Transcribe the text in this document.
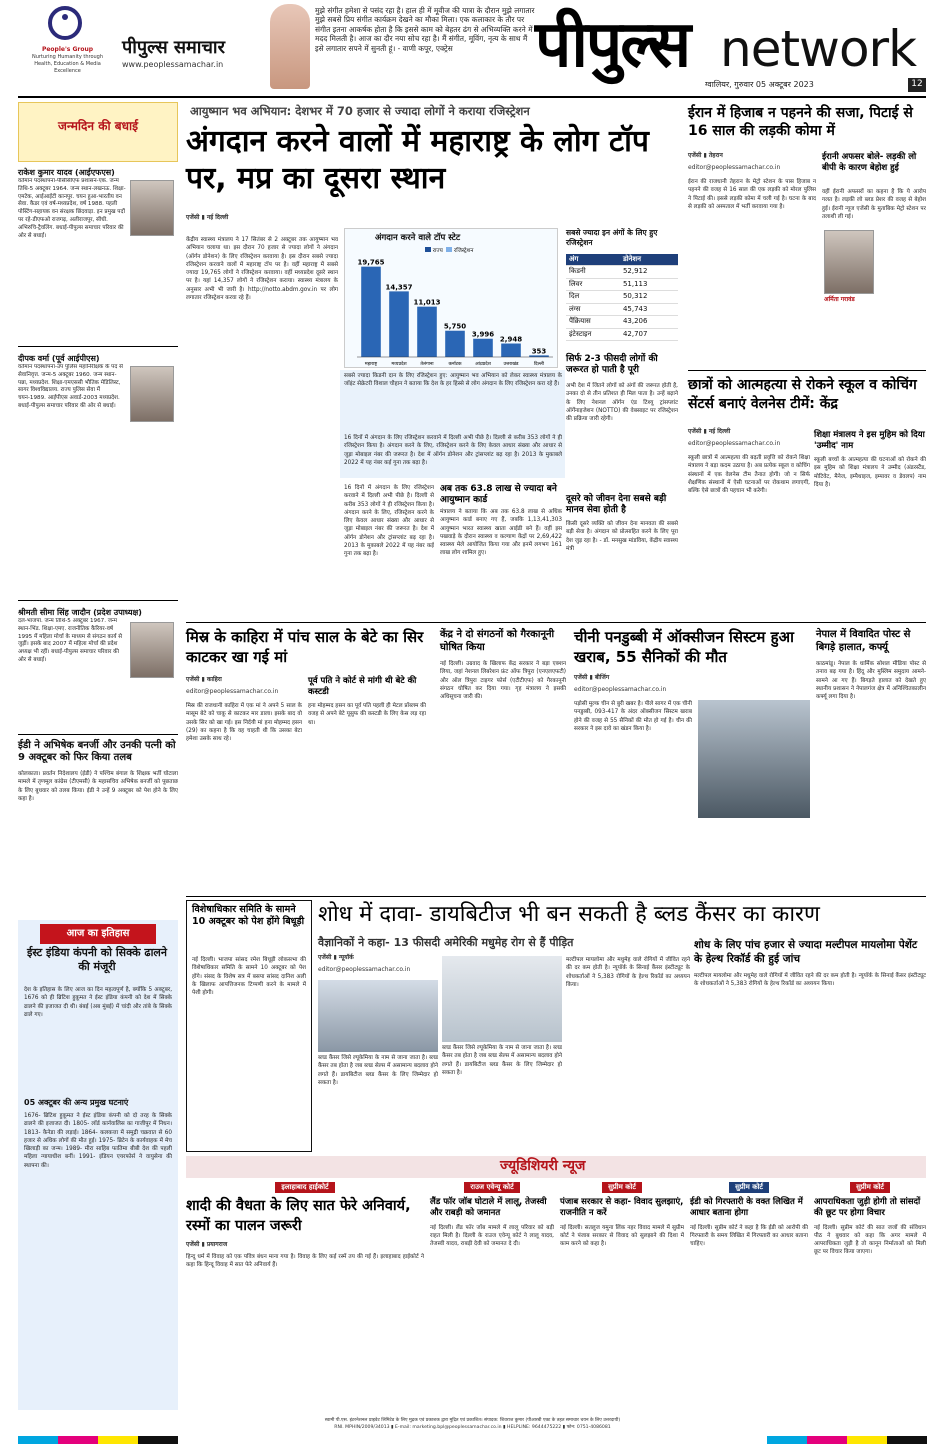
People's Group
Nurturing Humanity through Health, Education & Media Excellence
पीपुल्स समाचार
www.peoplessamachar.in
मुझे संगीत हमेशा से पसंद रहा है। हाल ही में मूवीज की यात्रा के दौरान मुझे लगातार मुझे सबसे प्रिय संगीत कार्यक्रम देखने का मौका मिला। एक कलाकार के तौर पर संगीत इतना आकर्षक होता है कि इससे काम को बेहतर ढंग से अभिव्यक्ति करने में मदद मिलती है। आज का दौर नया सोच रहा है। मैं संगीत, मूविंग, नृत्य के साथ मैं इसे लगातार सपने में सुनती हूं। - वाणी कपूर, एक्ट्रेस	पीपुल्स network
ग्वालियर, गुरुवार 05 अक्टूबर 2023	12
जन्मदिन की बधाई
राकेश कुमार यादव (आईएफएस)
वर्तमान पदस्थापना-पीसीसीएफ प्रशासन-एक. जन्म तिथि-5 अक्टूबर 1964. जन्म स्थान-लखनऊ. शिक्षा-एमटेक, आईआईटी कानपुर. चयन हुआ-भारतीय वन सेवा. कैडर एवं वर्ष-मध्यप्रदेश, वर्ष 1988. पहली पोस्टिंग-सहायक वन संरक्षक छिंदवाड़ा. इन प्रमुख पदों पर रहे-डीएफओ राजगढ़, अलीराजपुर, सीधी. अभिरुचि-ट्रैवलिंग. बधाई-पीपुल्स समाचार परिवार की ओर से बधाई।
दीपक वर्मा (पूर्व आईपीएस)
वर्तमान पदस्थापना-उप पुलिस महानिरीक्षक के पद से सेवानिवृत्त. जन्म-5 अक्टूबर 1960. जन्म स्थान-पन्ना, मध्यप्रदेश. शिक्षा-एमएससी भौतिक मेडिलिस्ट, सागर विश्वविद्यालय. राज्य पुलिस सेवा में चयन-1989. आईपीएस अवार्ड-2003 मध्यप्रदेश. बधाई-पीपुल्स समाचार परिवार की ओर से बधाई।
श्रीमती सीमा सिंह जादौन (प्रदेश उपाध्यक्ष)
दल-भाजपा. जन्म तिथि-5 अक्टूबर 1967. जन्म स्थान-भिंड. शिक्षा-एमए. राजनीतिक कैरियर-वर्ष 1995 में महिला मोर्चा के माध्यम से संगठन कार्य से जुड़ीं। इसके बाद 2007 में महिला मोर्चा की प्रदेश अध्यक्ष भी रहीं। बधाई-पीपुल्स समाचार परिवार की ओर से बधाई।
ईडी ने अभिषेक बनर्जी और उनकी पत्नी को 9 अक्टूबर को फिर किया तलब
कोलकाता। प्रवर्तन निदेशालय (ईडी) ने पश्चिम बंगाल के शिक्षक भर्ती घोटाला मामले में तृणमूल कांग्रेस (टीएमसी) के महासचिव अभिषेक बनर्जी को पूछताछ के लिए बुधवार को तलब किया। ईडी ने उन्हें 9 अक्टूबर को पेश होने के लिए कहा है।
आज का इतिहास
ईस्ट इंडिया कंपनी को सिक्के ढालने की मंजूरी
देश के इतिहास के लिए आज का दिन महत्वपूर्ण है, क्योंकि 5 अक्टूबर, 1676 को ही ब्रिटिश हुकूमत ने ईस्ट इंडिया कंपनी को देश में सिक्के ढालने की इजाजत दी थी। बंबई (अब मुंबई) में चांदी और तांबे के सिक्के ढाले गए।
05 अक्टूबर की अन्य प्रमुख घटनाएं
1676- ब्रिटिश हुकूमत ने ईस्ट इंडिया कंपनी को दो तरह के सिक्के ढालने की इजाजत दी। 1805- लॉर्ड कार्नवालिस का गाजीपुर में निधन। 1813- कैनेडा की लड़ाई। 1864- कलकत्ता में समुद्री चक्रवात से 60 हजार से अधिक लोगों की मौत हुई। 1975- ब्रिटेन के कार्यवाहक में मेच खिलाड़ी का जन्म। 1989- मीरा साहिब फातिमा बीबी देश की पहली महिला न्यायाधीश बनीं। 1991- इंडियन एयरफोर्स ने वायुसेना की स्थापना की।
आयुष्मान भव अभियान: देशभर में 70 हजार से ज्यादा लोगों ने कराया रजिस्ट्रेशन
अंगदान करने वालों में महाराष्ट्र के लोग टॉप पर, मप्र का दूसरा स्थान
एजेंसी ▮ नई दिल्ली
केंद्रीय स्वास्थ्य मंत्रालय ने 17 सितंबर से 2 अक्टूबर तक आयुष्मान भव अभियान चलाया था। इस दौरान 70 हजार से ज्यादा लोगों ने अंगदान (ऑर्गन डोनेशन) के लिए रजिस्ट्रेशन करवाया है। इस दौरान सबसे ज्यादा रजिस्ट्रेशन करवाने वालों में महाराष्ट्र टॉप पर है। वहीं महाराष्ट्र में सबसे ज्यादा 19,765 लोगों ने रजिस्ट्रेशन करवाया। वहीं मध्यप्रदेश दूसरे स्थान पर है। यहां 14,357 लोगों ने रजिस्ट्रेशन कराया। स्वास्थ्य मंत्रालय के अनुसार अभी भी जारी है। http://notto.abdm.gov.in पर लोग लगातार रजिस्ट्रेशन करवा रहे हैं।
अंगदान करने वाले टॉप स्टेट
राज्य रजिस्ट्रेशन
19,765
महाराष्ट्र
14,357
मध्यप्रदेश
11,013
तेलंगाना
5,750
कर्नाटक
3,996
आंध्रप्रदेश
2,948
उत्तराखंड
353
दिल्ली
सबसे ज्यादा किडनी दान के लिए रजिस्ट्रेशन हुए: आयुष्मान भव अभियान को लेकर स्वास्थ्य मंत्रालय के जॉइंट सेक्रेटरी विशाल चौहान ने बताया कि देश के हर हिस्से से लोग अंगदान के लिए रजिस्ट्रेशन करा रहे हैं।
16 दिनों में अंगदान के लिए रजिस्ट्रेशन करवाने में दिल्ली अभी पीछे है। दिल्ली से करीब 353 लोगों ने ही रजिस्ट्रेशन किया है। अंगदान करने के लिए, रजिस्ट्रेशन करने के लिए केवल आधार संख्या और आधार से जुड़ा मोबाइल नंबर की जरूरत है। देश में ऑर्गन डोनेशन और ट्रांसप्लांट बढ़ रहा है। 2013 के मुकाबले 2022 में यह नंबर कई गुना तक बढ़ा है।
सबसे ज्यादा इन अंगों के लिए हुए रजिस्ट्रेशन
अंग	डोनेशन
किडनी	52,912
लिवर	51,113
दिल	50,312
लंग्स	45,743
पैंक्रियास	43,206
इंटेस्टाइन	42,707
सिर्फ 2-3 फीसदी लोगों की जरूरत हो पाती है पूरी
अभी देश में जितने लोगों को अंगों की जरूरत होती है, उनका दो से तीन प्रतिशत ही मिल पाता है। उन्हें बढ़ाने के लिए नेशनल ऑर्गन एंड टिश्यू ट्रांसप्लांट ऑर्गेनाइजेशन (NOTTO) की वेबसाइट पर रजिस्ट्रेशन की प्रक्रिया जारी रहेगी।
दूसरे को जीवन देना सबसे बड़ी मानव सेवा होती है
किसी दूसरे व्यक्ति को जीवन देना मानवता की सबसे बड़ी सेवा है। अंगदान को प्रोत्साहित करने के लिए पूरा देश जुड़ रहा है। - डॉ. मनसुख मांडविया, केंद्रीय स्वास्थ्य मंत्री
अब तक 63.8 लाख से ज्यादा बने आयुष्मान कार्ड
मंत्रालय ने बताया कि अब तक 63.8 लाख से अधिक आयुष्मान कार्ड बनाए गए हैं, जबकि 1,13,41,303 आयुष्मान भारत स्वास्थ्य खाता आईडी बने हैं। वहीं इस पखवाड़े के दौरान स्वास्थ्य व कल्याण केंद्रों पर 2,69,422 स्वास्थ्य मेले आयोजित किया गया और इनमें लगभग 161 लाख लोग शामिल हुए।
16 दिनों में अंगदान के लिए रजिस्ट्रेशन करवाने में दिल्ली अभी पीछे है। दिल्ली से करीब 353 लोगों ने ही रजिस्ट्रेशन किया है। अंगदान करने के लिए, रजिस्ट्रेशन करने के लिए केवल आधार संख्या और आधार से जुड़ा मोबाइल नंबर की जरूरत है। देश में ऑर्गन डोनेशन और ट्रांसप्लांट बढ़ रहा है। 2013 के मुकाबले 2022 में यह नंबर कई गुना तक बढ़ा है।
ईरान में हिजाब न पहनने की सजा, पिटाई से 16 साल की लड़की कोमा में
एजेंसी ▮ तेहरान
editor@peoplessamachar.co.in
ईरान की राजधानी तेहरान के मेट्रो स्टेशन के पास हिजाब न पहनने की वजह से 16 साल की एक लड़की को मोरल पुलिस ने पिटाई की। इससे लड़की कोमा में चली गई है। घटना के बाद से लड़की को अस्पताल में भर्ती करवाया गया है।
ईरानी अफसर बोले- लड़की लो बीपी के कारण बेहोश हुई
वहीं ईरानी अफसरों का कहना है कि ये आरोप गलत है। लड़की लो ब्लड प्रेशर की वजह से बेहोश हुई। ईरानी न्यूज एजेंसी के मुताबिक मेट्रो स्टेशन पर तलाशी ली गई।
अर्मिता गरावंड
छात्रों को आत्महत्या से रोकने स्कूल व कोचिंग सेंटर्स बनाएं वेलनेस टीमें: केंद्र
एजेंसी ▮ नई दिल्ली
editor@peoplessamachar.co.in
स्कूली छात्रों में आत्महत्या की बढ़ती प्रवृत्ति को रोकने शिक्षा मंत्रालय ने बड़ा कदम उठाया है। अब प्रत्येक स्कूल व कोचिंग संस्थानों में एक वेलनेस टीम तैनात होगी। जो न सिर्फ शैक्षणिक संस्थानों में ऐसी घटनाओं पर रोकथाम लगाएगी, बल्कि ऐसे छात्रों की पहचान भी करेगी।
शिक्षा मंत्रालय ने इस मुहिम को दिया 'उम्मीद' नाम
स्कूली बच्चों के आत्महत्या की घटनाओं को रोकने की इस मुहिम को शिक्षा मंत्रालय ने उम्मीद (अंडरस्टैंड, मोटिवेट, मैनेज, इम्पैथाइज, इम्पावर व डेवलप) नाम दिया है।
मिस्र के काहिरा में पांच साल के बेटे का सिर काटकर खा गई मां
एजेंसी ▮ काहिरा
editor@peoplessamachar.co.in
मिस्र की राजधानी काहिरा में एक मां ने अपने 5 साल के मासूम बेटे को चाकू से काटकर मार डाला। इसके बाद वो उसके सिर को खा गई। इस निर्दयी मां हना मोहम्मद हसन (29) का कहना है कि वह चाहती थी कि उसका बेटा हमेशा उसके साथ रहे।
पूर्व पति ने कोर्ट से मांगी थी बेटे की कस्टडी
हना मोहम्मद हसन का पूर्व पति पहली ही मेटल प्रॉब्लम की वजह से अपने बेटे यूसुफ की कस्टडी के लिए केस लड़ रहा था।
केंद्र ने दो संगठनों को गैरकानूनी घोषित किया
नई दिल्ली। उग्रवाद के खिलाफ केंद्र सरकार ने बड़ा एक्शन लिया, जहां नेशनल लिबरेशन फ्रंट ऑफ त्रिपुरा (एनएलएफटी) और ऑल त्रिपुरा टाइगर फोर्स (एटीटीएफ) को गैरकानूनी संगठन घोषित कर दिया गया। गृह मंत्रालय ने इसकी अधिसूचना जारी की।
चीनी पनडुब्बी में ऑक्सीजन सिस्टम हुआ खराब, 55 सैनिकों की मौत
एजेंसी ▮ बीजिंग
editor@peoplessamachar.co.in
पड़ोसी मुल्क चीन से बुरी खबर है। पीले सागर में एक चीनी पनडुब्बी, 093-417 के अंदर ऑक्सीजन सिस्टम खराब होने की वजह से 55 सैनिकों की मौत हो गई है। चीन की सरकार ने इस दावे का खंडन किया है।
नेपाल में विवादित पोस्ट से बिगड़े हालात, कर्फ्यू
काठमांडू। नेपाल के धार्मिक सोशल मीडिया पोस्ट से तनाव बढ़ गया है। हिंदू और मुस्लिम समुदाय आमने-सामने आ गए हैं। बिगड़ते हालात को देखते हुए स्थानीय प्रशासन ने नेपालगंज क्षेत्र में अनिश्चितकालीन कर्फ्यू लगा दिया है।
विशेषाधिकार समिति के सामने 10 अक्टूबर को पेश होंगे बिधूड़ी
नई दिल्ली। भाजपा सांसद रमेश बिधूड़ी लोकसभा की विशेषाधिकार समिति के सामने 10 अक्टूबर को पेश होंगे। संसद के विशेष सत्र में बसपा सांसद दानिश अली के खिलाफ आपत्तिजनक टिप्पणी करने के मामले में पेशी होगी।
शोध में दावा- डायबिटीज भी बन सकती है ब्लड कैंसर का कारण
वैज्ञानिकों ने कहा- 13 फीसदी अमेरिकी मधुमेह रोग से हैं पीड़ित
एजेंसी ▮ न्यूयॉर्क
editor@peoplessamachar.co.in
ब्लड कैंसर जिसे ल्यूकेमिया के नाम से जाना जाता है। ब्लड कैंसर तब होता है जब ब्लड सेल्स में असामान्य बदलाव होने लगते हैं। डायबिटीज ब्लड कैंसर के लिए जिम्मेदार हो सकता है।
ब्लड कैंसर जिसे ल्यूकेमिया के नाम से जाना जाता है। ब्लड कैंसर तब होता है जब ब्लड सेल्स में असामान्य बदलाव होने लगते हैं। डायबिटीज ब्लड कैंसर के लिए जिम्मेदार हो सकता है।
मल्टीपल मायलोमा और मधुमेह वाले रोगियों में जीवित रहने की दर कम होती है। न्यूयॉर्क के सिनाई कैंसर इंस्टीट्यूट के शोधकर्ताओं ने 5,383 रोगियों के हेल्थ रिकॉर्ड का अध्ययन किया।
शोध के लिए पांच हजार से ज्यादा मल्टीपल मायलोमा पेशेंट के हेल्थ रिकॉर्ड की हुई जांच
मल्टीपल मायलोमा और मधुमेह वाले रोगियों में जीवित रहने की दर कम होती है। न्यूयॉर्क के सिनाई कैंसर इंस्टीट्यूट के शोधकर्ताओं ने 5,383 रोगियों के हेल्थ रिकॉर्ड का अध्ययन किया।
ज्यूडिशियरी न्यूज
इलाहाबाद हाईकोर्ट
शादी की वैधता के लिए सात फेरे अनिवार्य, रस्मों का पालन जरूरी
एजेंसी ▮ प्रयागराज
हिन्दू धर्म में विवाह को एक पवित्र बंधन माना गया है। विवाह के लिए कई रस्में तय की गई हैं। इलाहाबाद हाईकोर्ट ने कहा कि हिन्दू विवाह में सात फेरे अनिवार्य हैं।
राउज एवेन्यू कोर्ट
लैंड फॉर जॉब घोटाले में लालू, तेजस्वी और राबड़ी को जमानत
नई दिल्ली। लैंड फॉर जॉब मामले में लालू परिवार को बड़ी राहत मिली है। दिल्ली के राउज एवेन्यू कोर्ट ने लालू यादव, तेजस्वी यादव, राबड़ी देवी को जमानत दे दी।
सुप्रीम कोर्ट
पंजाब सरकार से कहा- विवाद सुलझाएं, राजनीति न करें
नई दिल्ली। सतलुज यमुना लिंक नहर विवाद मामले में सुप्रीम कोर्ट ने पंजाब सरकार से विवाद को सुलझाने की दिशा में काम करने को कहा है।
सुप्रीम कोर्ट
ईडी को गिरफ्तारी के वक्त लिखित में आधार बताना होगा
नई दिल्ली। सुप्रीम कोर्ट ने कहा है कि ईडी को आरोपी की गिरफ्तारी के समय लिखित में गिरफ्तारी का आधार बताना चाहिए।
सुप्रीम कोर्ट
आपराधिकता जुड़ी होगी तो सांसदों की छूट पर होगा विचार
नई दिल्ली। सुप्रीम कोर्ट की सात जजों की संविधान पीठ ने बुधवार को कहा कि अगर मामले में आपराधिकता जुड़ी है तो कानून निर्माताओं को मिली छूट पर विचार किया जाएगा।
स्वामी पी.एस. इंटरनेशनल प्राइवेट लिमिटेड के लिए मुद्रक एवं प्रकाशक द्वारा मुद्रित एवं प्रकाशित। संपादक: शिवराज कुमार (पीआरबी एक्ट के तहत समाचार चयन के लिए उत्तरदायी)
RNI. MPHIN/2009/34013 ▮ E-mail: marketing.bpl@peoplessamachar.co.in ▮ HELPLINE: 9644475222 ▮ फोन: 0751-4086081
